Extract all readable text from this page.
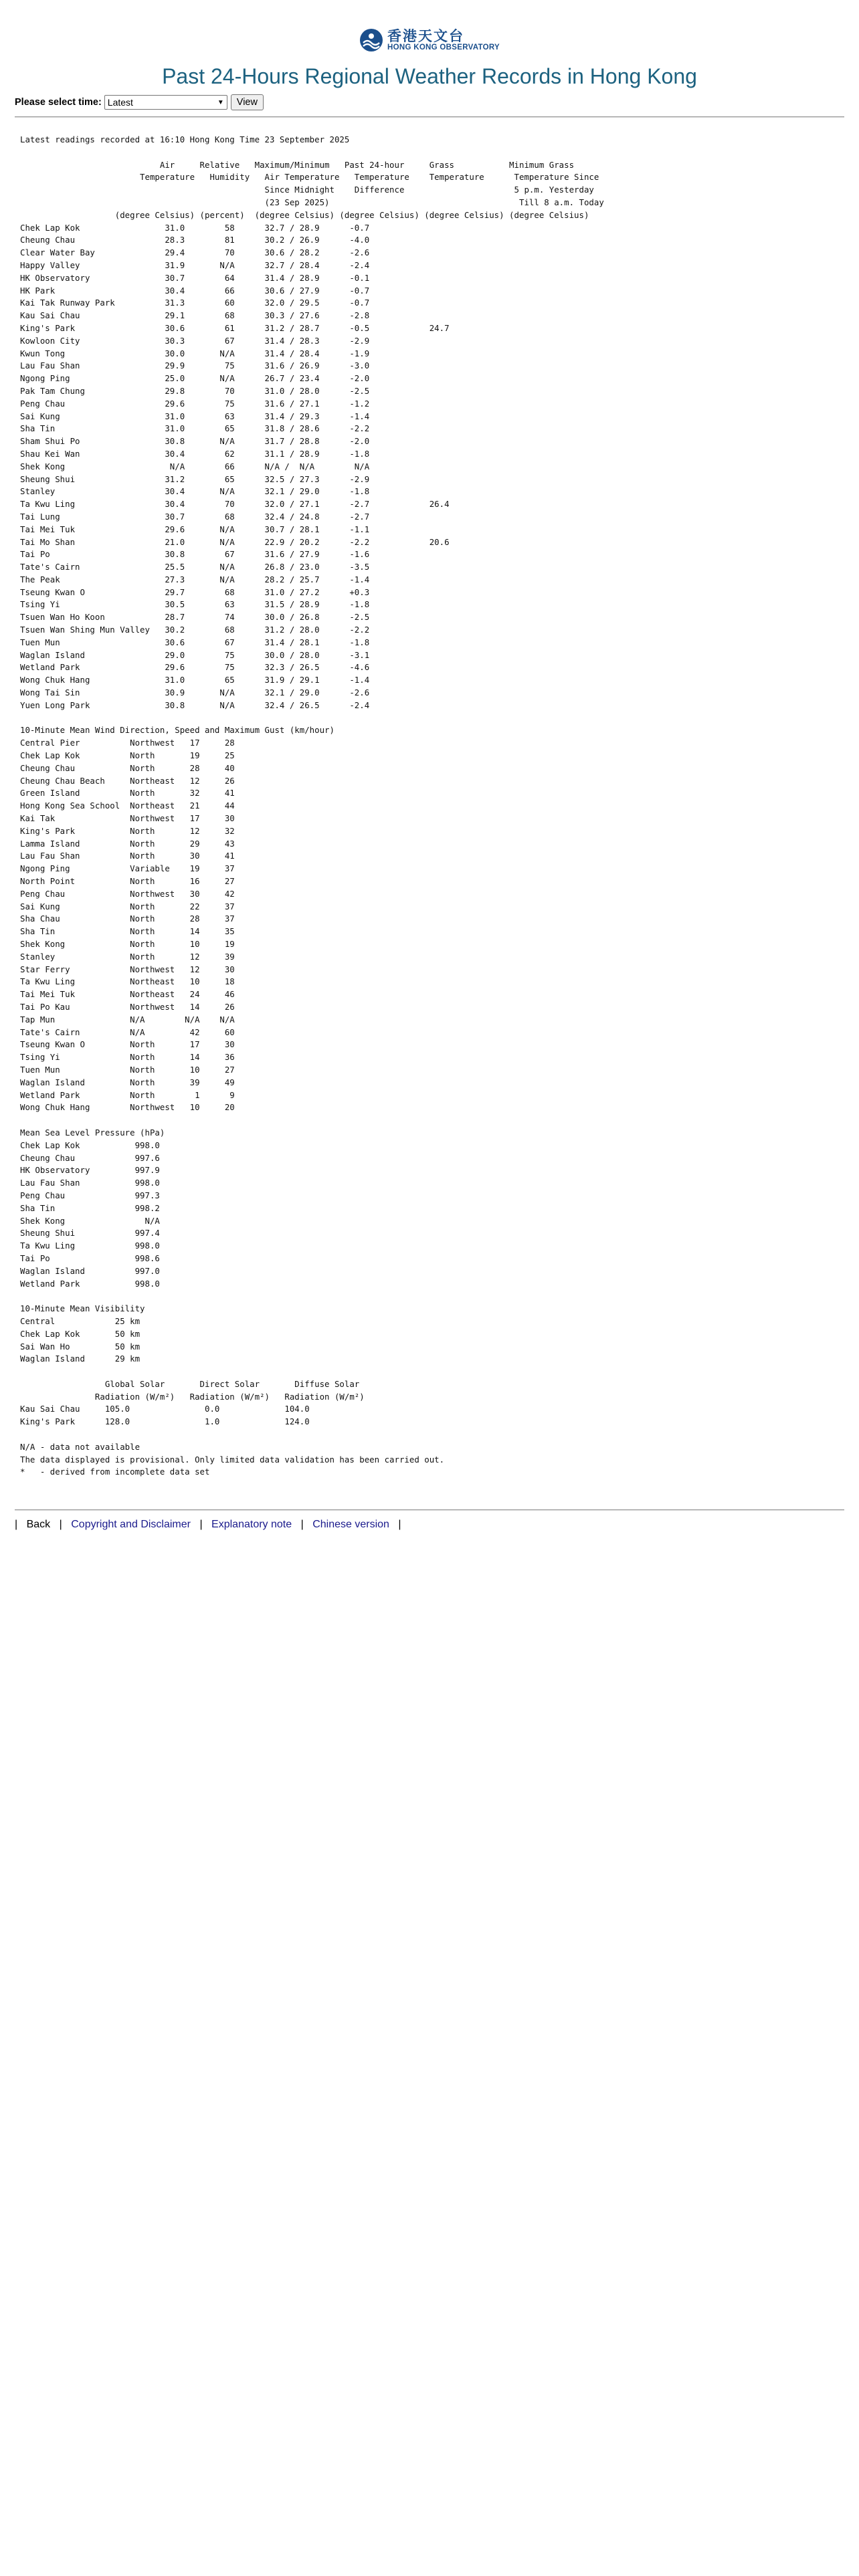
香港天文台
HONG KONG OBSERVATORY
Past 24-Hours Regional Weather Records in Hong Kong
Please select time: Latest	▼	View
Latest readings recorded at 16:10 Hong Kong Time 23 September 2025

Air     Relative   Maximum/Minimum   Past 24-hour     Grass           Minimum Grass
Temperature   Humidity   Air Temperature   Temperature    Temperature      Temperature Since
Since Midnight    Difference                      5 p.m. Yesterday
(23 Sep 2025)                                      Till 8 a.m. Today
(degree Celsius) (percent)  (degree Celsius) (degree Celsius) (degree Celsius) (degree Celsius)
Chek Lap Kok                 31.0        58      32.7 / 28.9      -0.7
Cheung Chau                  28.3        81      30.2 / 26.9      -4.0
Clear Water Bay              29.4        70      30.6 / 28.2      -2.6
Happy Valley                 31.9       N/A      32.7 / 28.4      -2.4
HK Observatory               30.7        64      31.4 / 28.9      -0.1
HK Park                      30.4        66      30.6 / 27.9      -0.7
Kai Tak Runway Park          31.3        60      32.0 / 29.5      -0.7
Kau Sai Chau                 29.1        68      30.3 / 27.6      -2.8
King's Park                  30.6        61      31.2 / 28.7      -0.5            24.7
Kowloon City                 30.3        67      31.4 / 28.3      -2.9
Kwun Tong                    30.0       N/A      31.4 / 28.4      -1.9
Lau Fau Shan                 29.9        75      31.6 / 26.9      -3.0
Ngong Ping                   25.0       N/A      26.7 / 23.4      -2.0
Pak Tam Chung                29.8        70      31.0 / 28.0      -2.5
Peng Chau                    29.6        75      31.6 / 27.1      -1.2
Sai Kung                     31.0        63      31.4 / 29.3      -1.4
Sha Tin                      31.0        65      31.8 / 28.6      -2.2
Sham Shui Po                 30.8       N/A      31.7 / 28.8      -2.0
Shau Kei Wan                 30.4        62      31.1 / 28.9      -1.8
Shek Kong                     N/A        66      N/A /  N/A        N/A
Sheung Shui                  31.2        65      32.5 / 27.3      -2.9
Stanley                      30.4       N/A      32.1 / 29.0      -1.8
Ta Kwu Ling                  30.4        70      32.0 / 27.1      -2.7            26.4
Tai Lung                     30.7        68      32.4 / 24.8      -2.7
Tai Mei Tuk                  29.6       N/A      30.7 / 28.1      -1.1
Tai Mo Shan                  21.0       N/A      22.9 / 20.2      -2.2            20.6
Tai Po                       30.8        67      31.6 / 27.9      -1.6
Tate's Cairn                 25.5       N/A      26.8 / 23.0      -3.5
The Peak                     27.3       N/A      28.2 / 25.7      -1.4
Tseung Kwan O                29.7        68      31.0 / 27.2      +0.3
Tsing Yi                     30.5        63      31.5 / 28.9      -1.8
Tsuen Wan Ho Koon            28.7        74      30.0 / 26.8      -2.5
Tsuen Wan Shing Mun Valley   30.2        68      31.2 / 28.0      -2.2
Tuen Mun                     30.6        67      31.4 / 28.1      -1.8
Waglan Island                29.0        75      30.0 / 28.0      -3.1
Wetland Park                 29.6        75      32.3 / 26.5      -4.6
Wong Chuk Hang               31.0        65      31.9 / 29.1      -1.4
Wong Tai Sin                 30.9       N/A      32.1 / 29.0      -2.6
Yuen Long Park               30.8       N/A      32.4 / 26.5      -2.4

10-Minute Mean Wind Direction, Speed and Maximum Gust (km/hour)
Central Pier          Northwest   17     28
Chek Lap Kok          North       19     25
Cheung Chau           North       28     40
Cheung Chau Beach     Northeast   12     26
Green Island          North       32     41
Hong Kong Sea School  Northeast   21     44
Kai Tak               Northwest   17     30
King's Park           North       12     32
Lamma Island          North       29     43
Lau Fau Shan          North       30     41
Ngong Ping            Variable    19     37
North Point           North       16     27
Peng Chau             Northwest   30     42
Sai Kung              North       22     37
Sha Chau              North       28     37
Sha Tin               North       14     35
Shek Kong             North       10     19
Stanley               North       12     39
Star Ferry            Northwest   12     30
Ta Kwu Ling           Northeast   10     18
Tai Mei Tuk           Northeast   24     46
Tai Po Kau            Northwest   14     26
Tap Mun               N/A        N/A    N/A
Tate's Cairn          N/A         42     60
Tseung Kwan O         North       17     30
Tsing Yi              North       14     36
Tuen Mun              North       10     27
Waglan Island         North       39     49
Wetland Park          North        1      9
Wong Chuk Hang        Northwest   10     20

Mean Sea Level Pressure (hPa)
Chek Lap Kok           998.0
Cheung Chau            997.6
HK Observatory         997.9
Lau Fau Shan           998.0
Peng Chau              997.3
Sha Tin                998.2
Shek Kong                N/A
Sheung Shui            997.4
Ta Kwu Ling            998.0
Tai Po                 998.6
Waglan Island          997.0
Wetland Park           998.0

10-Minute Mean Visibility
Central            25 km
Chek Lap Kok       50 km
Sai Wan Ho         50 km
Waglan Island      29 km

Global Solar       Direct Solar       Diffuse Solar
Radiation (W/m²)   Radiation (W/m²)   Radiation (W/m²)
Kau Sai Chau     105.0               0.0             104.0
King's Park      128.0               1.0             124.0

N/A - data not available
The data displayed is provisional. Only limited data validation has been carried out.
*   - derived from incomplete data set

| Back | Copyright and Disclaimer | Explanatory note | Chinese version |
